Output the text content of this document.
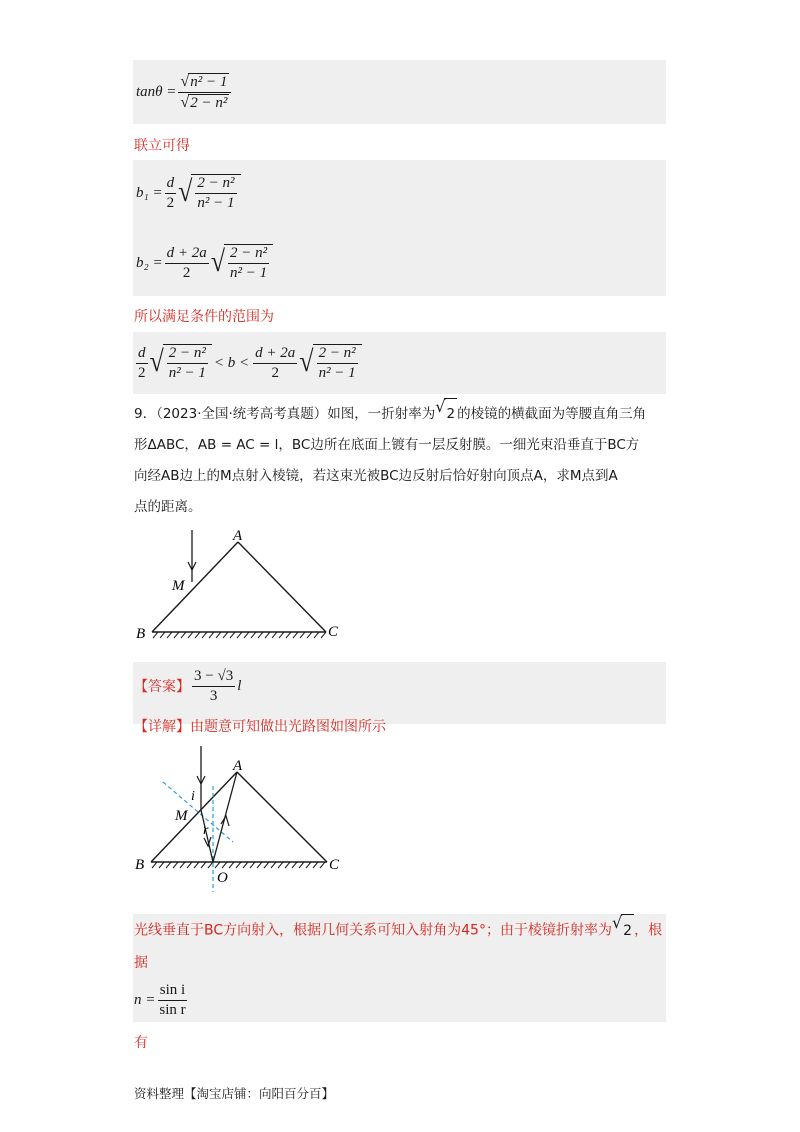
$\tan\theta = \frac{\text{√ n² − 1}}{\text{√ 2 − n²}}$
联立可得
$b_1 = \frac{d}{2}$ √ $\frac{\text{2 − n²}}{\text{n² − 1}}$
$b_2 = \frac{d + 2a}{2}$ √ $\frac{\text{2 − n²}}{\text{n² − 1}}$
所以满足条件的范围为
$\frac{d}{2}$ √ $\frac{\text{2 − n²}}{\text{n² − 1}} < b < \frac{d + 2a}{2}$ √ $\frac{\text{2 − n²}}{\text{n² − 1}}$
9．（2023·全国·统考高考真题）如图，一折射率为 √ 2 的棱镜的横截面为等腰直角三角
形ΔABC，AB = AC = l，BC边所在底面上镀有一层反射膜。一细光束沿垂直于BC方
向经AB边上的M点射入棱镜，若这束光被BC边反射后恰好射向顶点A，求M点到A
点的距离。
A
M
B	C
【答案】 $\frac{3 - √3}{3}$ l
【详解】由题意可知做出光路图如图所示
A
M
i
r
B	C
O
光线垂直于BC方向射入，根据几何关系可知入射角为45°；由于棱镜折射率为 √ 2 ，根
据
$n = \frac{\text{sin i}}{\text{sin r}}$
有
资料整理【淘宝店铺：向阳百分百】
